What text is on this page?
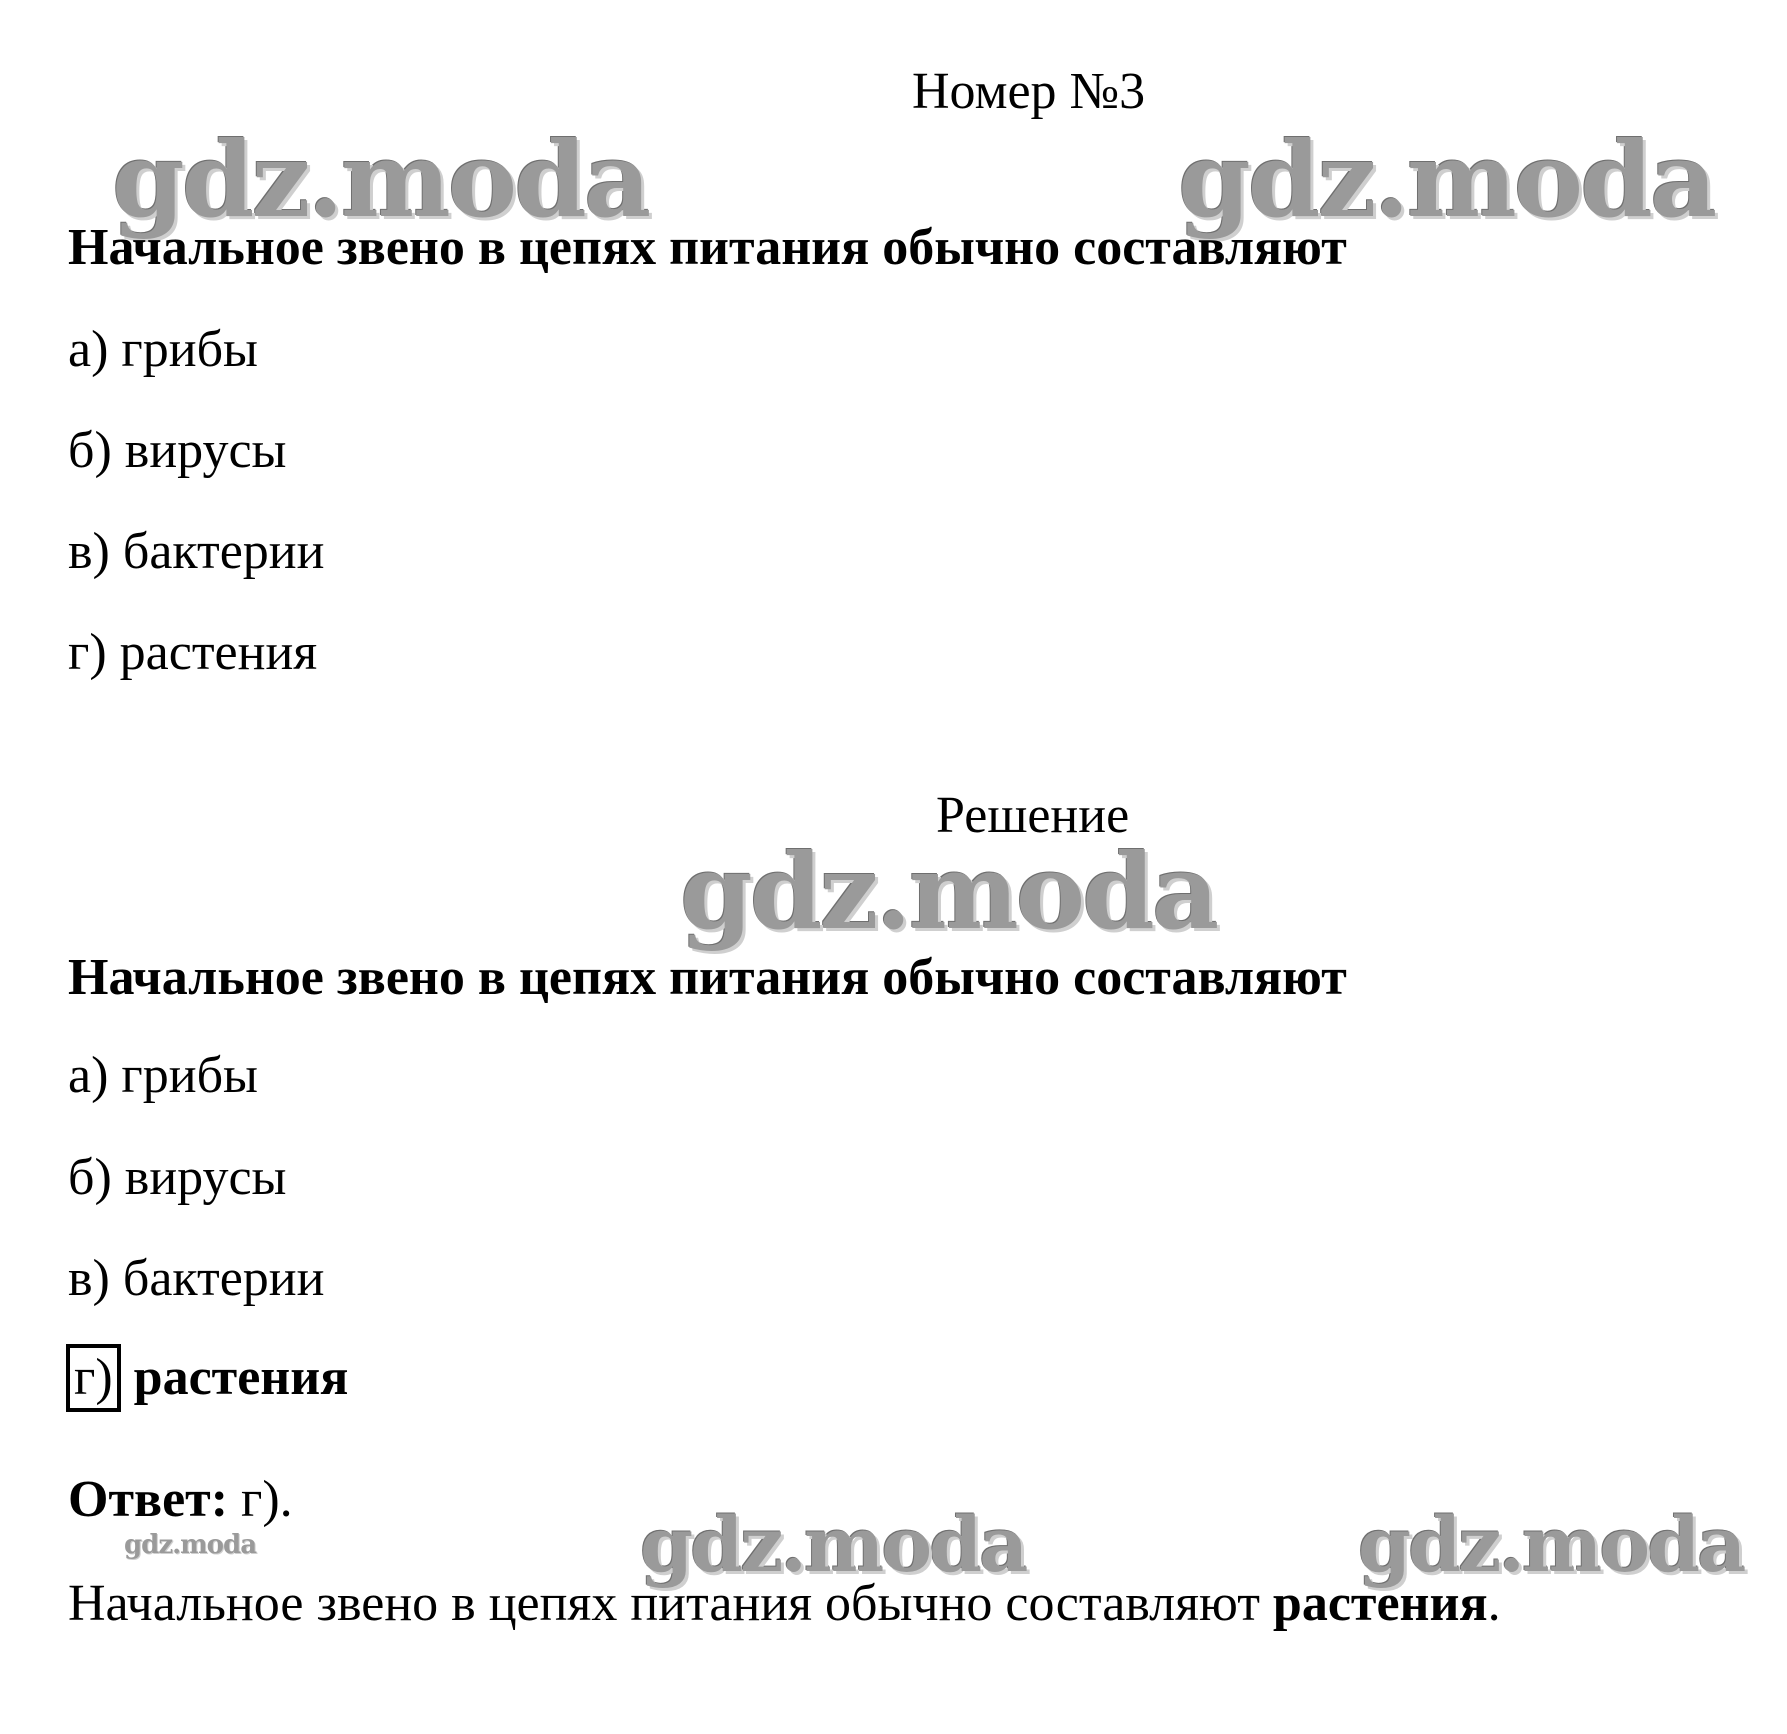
Номер №3
gdz.moda	gdz.moda
Начальное звено в цепях питания обычно составляют
а) грибы
б) вирусы
в) бактерии
г) растения
Решение
gdz.moda
Начальное звено в цепях питания обычно составляют
а) грибы
б) вирусы
в) бактерии
г) растения
Ответ: г).
gdz.moda	gdz.moda	gdz.moda
Начальное звено в цепях питания обычно составляют растения.
